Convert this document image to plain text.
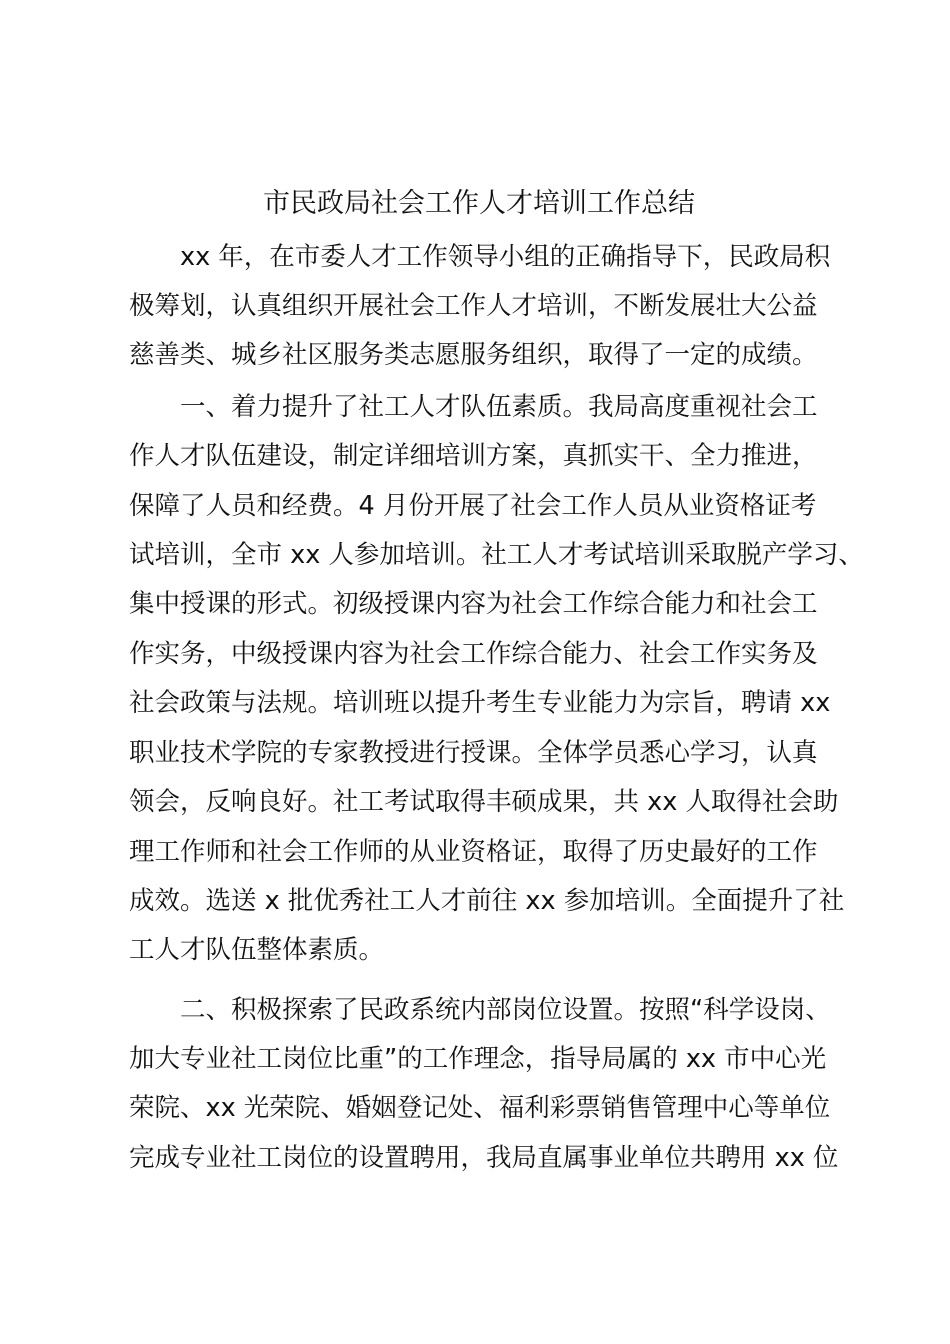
市民政局社会工作人才培训工作总结
xx 年，在市委人才工作领导小组的正确指导下，民政局积
极筹划，认真组织开展社会工作人才培训，不断发展壮大公益
慈善类、城乡社区服务类志愿服务组织，取得了一定的成绩。
一、着力提升了社工人才队伍素质。我局高度重视社会工
作人才队伍建设，制定详细培训方案，真抓实干、全力推进，
保障了人员和经费。4 月份开展了社会工作人员从业资格证考
试培训，全市 xx 人参加培训。社工人才考试培训采取脱产学习、
集中授课的形式。初级授课内容为社会工作综合能力和社会工
作实务，中级授课内容为社会工作综合能力、社会工作实务及
社会政策与法规。培训班以提升考生专业能力为宗旨，聘请 xx
职业技术学院的专家教授进行授课。全体学员悉心学习，认真
领会，反响良好。社工考试取得丰硕成果，共 xx 人取得社会助
理工作师和社会工作师的从业资格证，取得了历史最好的工作
成效。选送 x 批优秀社工人才前往 xx 参加培训。全面提升了社
工人才队伍整体素质。
二、积极探索了民政系统内部岗位设置。按照“科学设岗、
加大专业社工岗位比重”的工作理念，指导局属的 xx 市中心光
荣院、xx 光荣院、婚姻登记处、福利彩票销售管理中心等单位
完成专业社工岗位的设置聘用，我局直属事业单位共聘用 xx 位
